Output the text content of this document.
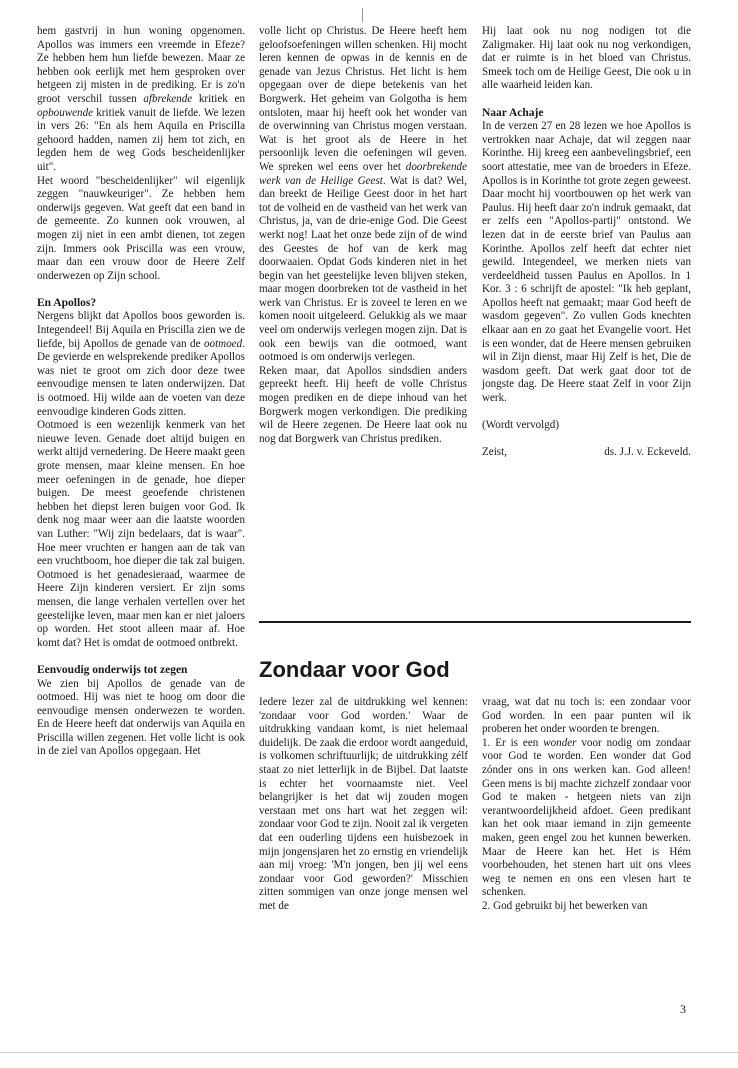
hem gastvrij in hun woning opgenomen. Apollos was immers een vreemde in Efeze? Ze hebben hem hun liefde bewezen. Maar ze hebben ook eerlijk met hem gesproken over hetgeen zij misten in de prediking. Er is zo'n groot verschil tussen afbrekende kritiek en opbouwende kritiek vanuit de liefde. We lezen in vers 26: "En als hem Aquila en Priscilla gehoord hadden, namen zij hem tot zich, en legden hem de weg Gods bescheidenlijker uit".

Het woord "bescheidenlijker" wil eigenlijk zeggen "nauwkeuriger". Ze hebben hem onderwijs gegeven. Wat geeft dat een band in de gemeente. Zo kunnen ook vrouwen, al mogen zij niet in een ambt dienen, tot zegen zijn. Immers ook Priscilla was een vrouw, maar dan een vrouw door de Heere Zelf onderwezen op Zijn school.

En Apollos?

Nergens blijkt dat Apollos boos geworden is. Integendeel! Bij Aquila en Priscilla zien we de liefde, bij Apollos de genade van de ootmoed. De gevierde en welsprekende prediker Apollos was niet te groot om zich door deze twee eenvoudige mensen te laten onderwijzen. Dat is ootmoed. Hij wilde aan de voeten van deze eenvoudige kinderen Gods zitten.

Ootmoed is een wezenlijk kenmerk van het nieuwe leven. Genade doet altijd buigen en werkt altijd vernedering. De Heere maakt geen grote mensen, maar kleine mensen. En hoe meer oefeningen in de genade, hoe dieper buigen. De meest geoefende christenen hebben het diepst leren buigen voor God. Ik denk nog maar weer aan die laatste woorden van Luther: "Wij zijn bedelaars, dat is waar". Hoe meer vruchten er hangen aan de tak van een vruchtboom, hoe dieper die tak zal buigen. Ootmoed is het genadesieraad, waarmee de Heere Zijn kinderen versiert. Er zijn soms mensen, die lange verhalen vertellen over het geestelijke leven, maar men kan er niet jaloers op worden. Het stoot alleen maar af. Hoe komt dat? Het is omdat de ootmoed ontbrekt.

Eenvoudig onderwijs tot zegen

We zien bij Apollos de genade van de ootmoed. Hij was niet te hoog om door die eenvoudige mensen onderwezen te worden. En de Heere heeft dat onderwijs van Aquila en Priscilla willen zegenen. Het volle licht is ook in de ziel van Apollos opgegaan. Het

volle licht op Christus. De Heere heeft hem geloofsoefeningen willen schenken. Hij mocht leren kennen de opwas in de kennis en de genade van Jezus Christus. Het licht is hem opgegaan over de diepe betekenis van het Borgwerk. Het geheim van Golgotha is hem ontsloten, maar hij heeft ook het wonder van de overwinning van Christus mogen verstaan. Wat is het groot als de Heere in het persoonlijk leven die oefeningen wil geven. We spreken wel eens over het doorbrekende werk van de Heilige Geest. Wat is dat? Wel, dan breekt de Heilige Geest door in het hart tot de volheid en de vastheid van het werk van Christus, ja, van de drie-enige God. Die Geest werkt nog! Laat het onze bede zijn of de wind des Geestes de hof van de kerk mag doorwaaien. Opdat Gods kinderen niet in het begin van het geestelijke leven blijven steken, maar mogen doorbreken tot de vastheid in het werk van Christus. Er is zoveel te leren en we komen nooit uitgeleerd. Gelukkig als we maar veel om onderwijs verlegen mogen zijn. Dat is ook een bewijs van die ootmoed, want ootmoed is om onderwijs verlegen.

Reken maar, dat Apollos sindsdien anders gepreekt heeft. Hij heeft de volle Christus mogen prediken en de diepe inhoud van het Borgwerk mogen verkondigen. Die prediking wil de Heere zegenen. De Heere laat ook nu nog dat Borgwerk van Christus prediken.

Hij laat ook nu nog nodigen tot die Zaligmaker. Hij laat ook nu nog verkondigen, dat er ruimte is in het bloed van Christus. Smeek toch om de Heilige Geest, Die ook u in alle waarheid leiden kan.

Naar Achaje

In de verzen 27 en 28 lezen we hoe Apollos is vertrokken naar Achaje, dat wil zeggen naar Korinthe. Hij kreeg een aanbevelingsbrief, een soort attestatie, mee van de broeders in Efeze. Apollos is in Korinthe tot grote zegen geweest. Daar mocht hij voortbouwen op het werk van Paulus. Hij heeft daar zo'n indruk gemaakt, dat er zelfs een "Apollos-partij" ontstond. We lezen dat in de eerste brief van Paulus aan Korinthe. Apollos zelf heeft dat echter niet gewild. Integendeel, we merken niets van verdeeldheid tussen Paulus en Apollos. In 1 Kor. 3 : 6 schrijft de apostel: "Ik heb geplant, Apollos heeft nat gemaakt; maar God heeft de wasdom gegeven". Zo vullen Gods knechten elkaar aan en zo gaat het Evangelie voort. Het is een wonder, dat de Heere mensen gebruiken wil in Zijn dienst, maar Hij Zelf is het, Die de wasdom geeft. Dat werk gaat door tot de jongste dag. De Heere staat Zelf in voor Zijn werk.

(Wordt vervolgd)

Zeist,	ds. J.J. v. Eckeveld.
Zondaar voor God

Iedere lezer zal de uitdrukking wel kennen: 'zondaar voor God worden.' Waar de uitdrukking vandaan komt, is niet helemaal duidelijk. De zaak die erdoor wordt aangeduid, is volkomen schriftuurlijk; de uitdrukking zélf staat zo niet letterlijk in de Bijbel. Dat laatste is echter het voornaamste niet. Veel belangrijker is het dat wij zouden mogen verstaan met ons hart wat het zeggen wil: zondaar voor God te zijn. Nooit zal ik vergeten dat een ouderling tijdens een huisbezoek in mijn jongensjaren het zo ernstig en vriendelijk aan mij vroeg: 'M'n jongen, ben jij wel eens zondaar voor God geworden?' Misschien zitten sommigen van onze jonge mensen wel met de

vraag, wat dat nu toch is: een zondaar voor God worden. In een paar punten wil ik proberen het onder woorden te brengen.

1. Er is een wonder voor nodig om zondaar voor God te worden. Een wonder dat God zónder ons in ons werken kan. God alleen! Geen mens is bij machte zichzelf zondaar voor God te maken - hetgeen niets van zijn verantwoordelijkheid afdoet. Geen predikant kan het ook maar iemand in zijn gemeente maken, geen engel zou het kunnen bewerken. Maar de Heere kan het. Het is Hém voorbehouden, het stenen hart uit ons vlees weg te nemen en ons een vlesen hart te schenken.

2. God gebruikt bij het bewerken van

3
